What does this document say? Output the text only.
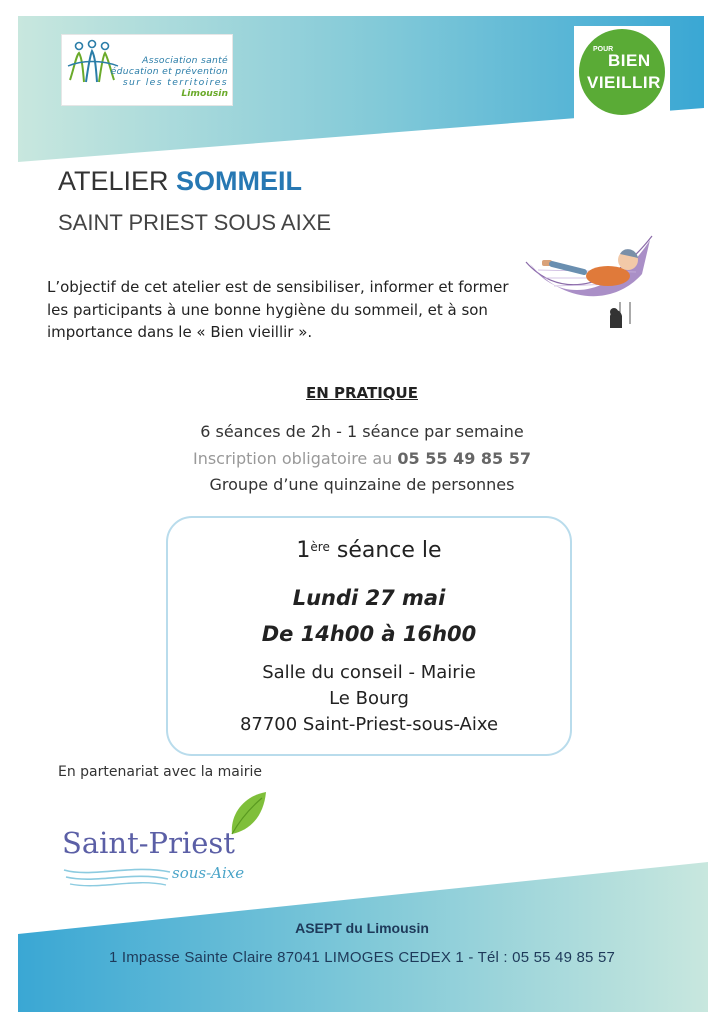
Association santé
éducation et prévention
sur les territoires
Limousin
POUR
BIEN
VIEILLIR
ATELIER SOMMEIL
SAINT PRIEST SOUS AIXE

L’objectif de cet atelier est de sensibiliser, informer et former

les participants à une bonne hygiène du sommeil, et à son

importance dans le « Bien vieillir ».

EN PRATIQUE
6 séances de 2h - 1 séance par semaine
Inscription obligatoire au 05 55 49 85 57
Groupe d’une quinzaine de personnes
1ère séance le
Lundi 27 mai
De 14h00 à 16h00
Salle du conseil - Mairie
Le Bourg
87700 Saint-Priest-sous-Aixe
En partenariat avec la mairie
Saint-Priest
sous-Aixe
ASEPT du Limousin
1 Impasse Sainte Claire 87041 LIMOGES CEDEX 1 - Tél : 05 55 49 85 57
